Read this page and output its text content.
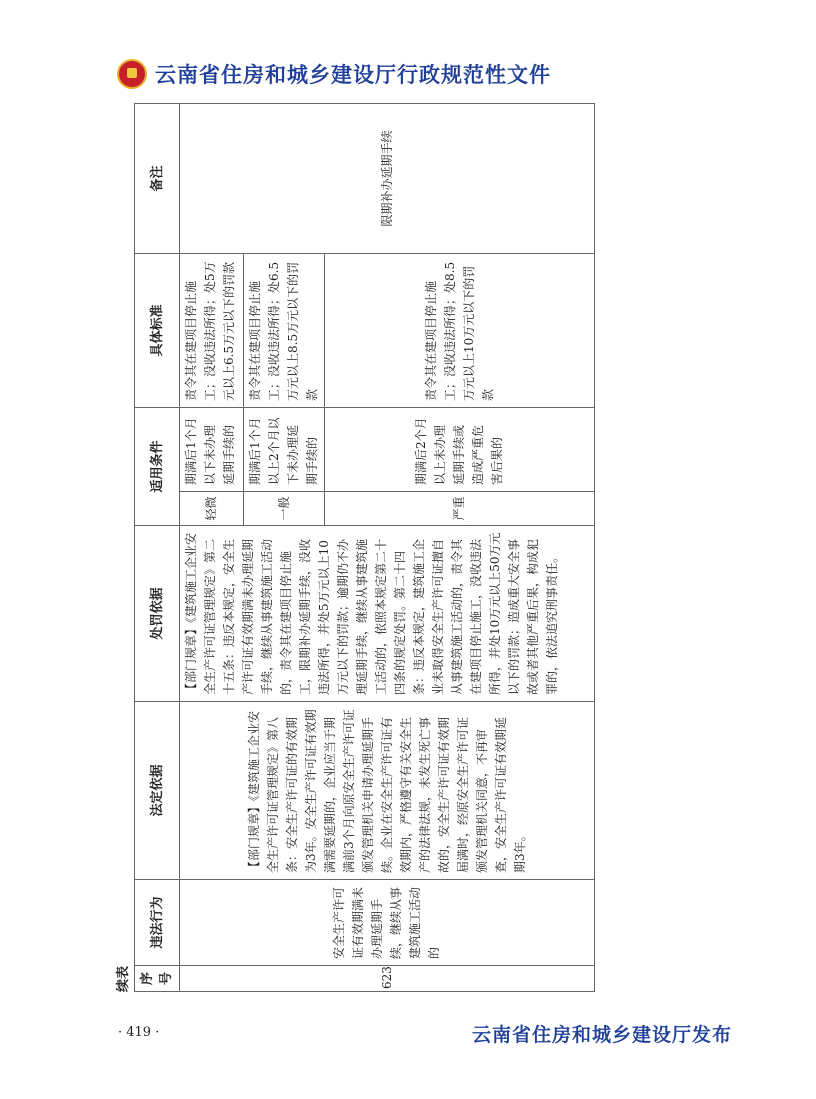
云南省住房和城乡建设厅行政规范性文件
续表 序号	违法行为	法定依据	处罚依据	适用条件		具体标准	备注
623	安全生产许可证有效期满未办理延期手续，继续从事建筑施工活动的	【部门规章】《建筑施工企业安全生产许可证管理规定》第八条：安全生产许可证的有效期为3年。安全生产许可证有效期满需要延期的，企业应当于期满前3个月向原安全生产许可证颁发管理机关申请办理延期手续。企业在安全生产许可证有效期内，严格遵守有关安全生产的法律法规，未发生死亡事故的，安全生产许可证有效期届满时，经原安全生产许可证颁发管理机关同意，不再审查，安全生产许可证有效期延期3年。	【部门规章】《建筑施工企业安全生产许可证管理规定》第二十五条：违反本规定，安全生产许可证有效期满未办理延期手续，继续从事建筑施工活动的，责令其在建项目停止施工，限期补办延期手续，没收违法所得，并处5万元以上10万元以下的罚款；逾期仍不办理延期手续，继续从事建筑施工活动的，依照本规定第二十四条的规定处罚。第二十四条：违反本规定，建筑施工企业未取得安全生产许可证擅自从事建筑施工活动的，责令其在建项目停止施工，没收违法所得，并处10万元以上50万元以下的罚款；造成重大安全事故或者其他严重后果，构成犯罪的，依法追究刑事责任。	轻微	期满后1个月以下未办理延期手续的	责令其在建项目停止施工；没收违法所得；处5万元以上6.5万元以下的罚款	限期补办延期手续

				一般	期满后1个月以上2个月以下未办理延期手续的	责令其在建项目停止施工；没收违法所得；处6.5万元以上8.5万元以下的罚款	

				严重	期满后2个月以上未办理延期手续或造成严重危害后果的	责令其在建项目停止施工；没收违法所得；处8.5万元以上10万元以下的罚款	
· 419 ·	云南省住房和城乡建设厅发布
